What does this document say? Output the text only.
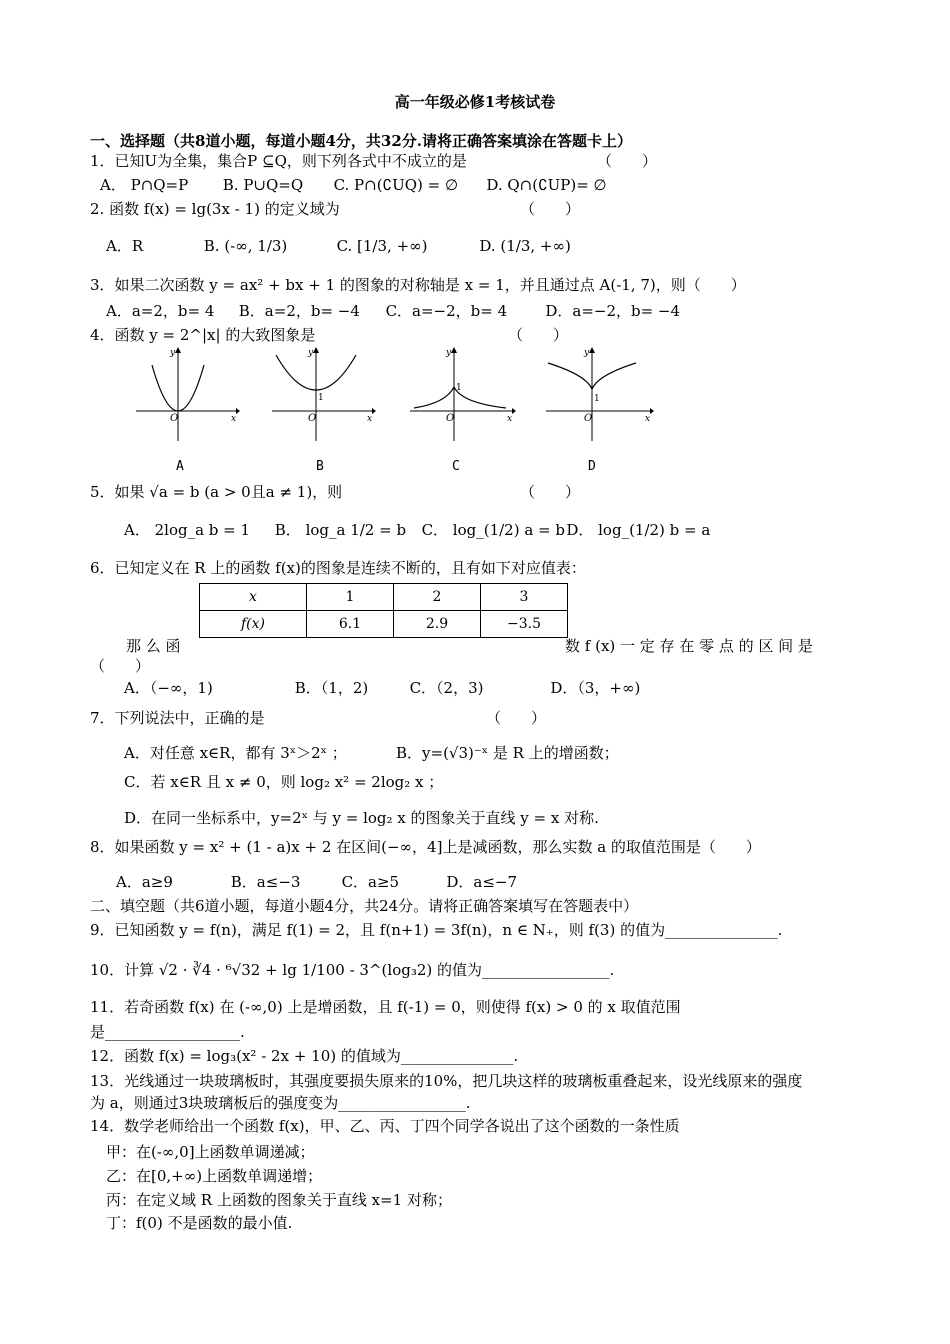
高一年级必修1考核试卷
一、选择题（共8道小题，每道小题4分，共32分.请将正确答案填涂在答题卡上）
1．已知U为全集，集合P ⊆Q，则下列各式中不成立的是	（　　）
A． P∩Q=P B. P∪Q=Q C. P∩(∁UQ) = ∅ D. Q∩(∁UP)= ∅
2. 函数 f(x) = lg(3x - 1) 的定义域为	（　　）
A．R	B. (-∞, 1/3)	C. [1/3, +∞)	D. (1/3, +∞)
3．如果二次函数 y = ax² + bx + 1 的图象的对称轴是 x = 1，并且通过点 A(-1, 7)，则（　　）
A．a=2，b= 4 B．a=2，b= −4 C．a=−2，b= 4	D．a=−2，b= −4
4．函数 y = 2^|x| 的大致图象是	（　　）
O	x
y
A
O
1
x
y
B
O
1
x
y
C
O
1
x
y
D
5．如果 √a = b (a > 0且a ≠ 1)，则	（　　）
A． 2log_a b = 1 B． log_a 1/2 = b C． log_(1/2) a = b D． log_(1/2) b = a
6．已知定义在 R 上的函数 f(x)的图象是连续不断的，且有如下对应值表：
x	1	2	3
f(x)	6.1	2.9	−3.5
那 么 函	数 f (x) 一 定 存 在 零 点 的 区 间 是
（　　）
A．（−∞，1)	B．（1，2)	C．（2，3)	D．（3，+∞)
7．下列说法中，正确的是	（　　）
A．对任意 x∈R，都有 3ˣ＞2ˣ ；	B．y=(√3)⁻ˣ 是 R 上的增函数；
C．若 x∈R 且 x ≠ 0，则 log₂ x² = 2log₂ x ；
D．在同一坐标系中，y=2ˣ 与 y = log₂ x 的图象关于直线 y = x 对称.
8．如果函数 y = x² + (1 - a)x + 2 在区间(−∞，4]上是减函数，那么实数 a 的取值范围是（　　）
A．a≥9	B．a≤−3	C．a≥5	D．a≤−7
二、填空题（共6道小题，每道小题4分，共24分。请将正确答案填写在答题表中）
9．已知函数 y = f(n)，满足 f(1) = 2，且 f(n+1) = 3f(n)，n ∈ N₊，则 f(3) 的值为_______________.
10．计算 √2 · ∛4 · ⁶√32 + lg 1/100 - 3^(log₃2) 的值为_________________.
11．若奇函数 f(x) 在 (-∞,0) 上是增函数，且 f(-1) = 0，则使得 f(x) > 0 的 x 取值范围
是__________________.
12．函数 f(x) = log₃(x² - 2x + 10) 的值域为_______________.
13．光线通过一块玻璃板时，其强度要损失原来的10%，把几块这样的玻璃板重叠起来，设光线原来的强度
为 a，则通过3块玻璃板后的强度变为_________________.
14．数学老师给出一个函数 f(x)，甲、乙、丙、丁四个同学各说出了这个函数的一条性质
甲：在(-∞,0]上函数单调递减；
乙：在[0,+∞)上函数单调递增；
丙：在定义域 R 上函数的图象关于直线 x=1 对称；
丁：f(0) 不是函数的最小值.
